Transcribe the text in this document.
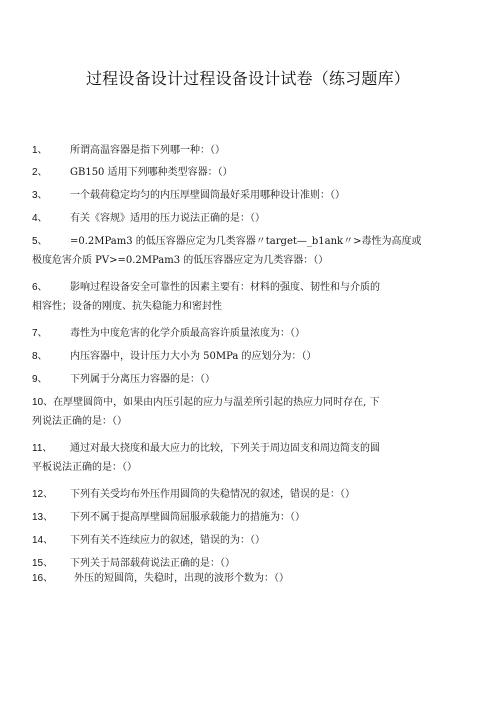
过程设备设计过程设备设计试卷（练习题库）
1、 所谓高温容器是指下列哪一种：（）
2、 GB150 适用下列哪种类型容器：（）
3、 一个载荷稳定均匀的内压厚壁圆筒最好采用哪种设计准则：（）
4、 有关《容规》适用的压力说法正确的是：（）
5、 =0.2MPam3 的低压容器应定为几类容器〃target—_b1ank〃>毒性为高度或
极度危害介质 PV>=0.2MPam3 的低压容器应定为几类容器：（）
6、 影响过程设备安全可靠性的因素主要有：材料的强度、韧性和与介质的
相容性；设备的刚度、抗失稳能力和密封性
7、 毒性为中度危害的化学介质最高容许质量浓度为：（）
8、 内压容器中，设计压力大小为 50MPa 的应划分为：（）
9、 下列属于分离压力容器的是：（）
10、在厚壁圆筒中，如果由内压引起的应力与温差所引起的热应力同时存在, 下
列说法正确的是：（）
11、 通过对最大挠度和最大应力的比较，下列关于周边固支和周边简支的圆
平板说法正确的是：（）
12、 下列有关受均布外压作用圆筒的失稳情况的叙述，错误的是：（）
13、 下列不属于提高厚壁圆筒屈服承载能力的措施为：（）
14、 下列有关不连续应力的叙述，错误的为：（）
15、 下列关于局部载荷说法正确的是：（）
16、 外压的短圆筒，失稳时，出现的波形个数为：（）
